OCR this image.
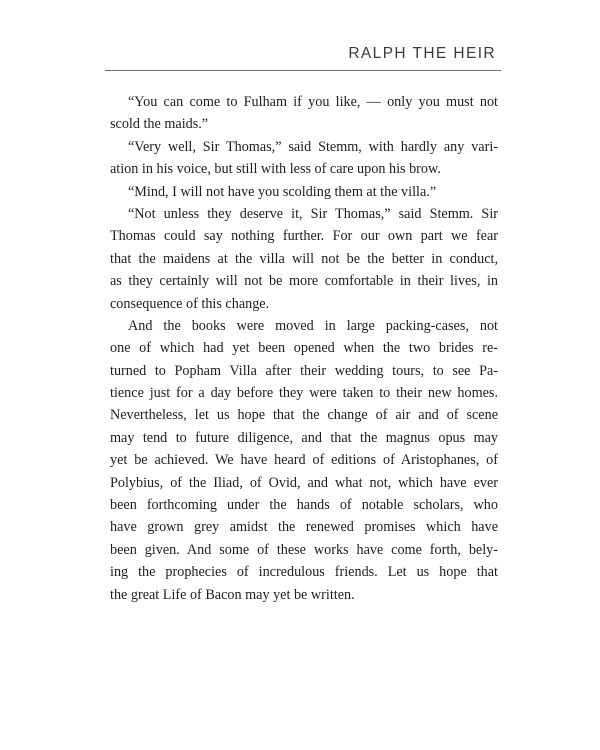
RALPH THE HEIR
“You can come to Fulham if you like, — only you must not
scold the maids.”
“Very well, Sir Thomas,” said Stemm, with hardly any vari-
ation in his voice, but still with less of care upon his brow.
“Mind, I will not have you scolding them at the villa.”
“Not unless they deserve it, Sir Thomas,” said Stemm. Sir
Thomas could say nothing further. For our own part we fear
that the maidens at the villa will not be the better in conduct,
as they certainly will not be more comfortable in their lives, in
consequence of this change.
And the books were moved in large packing-cases, not
one of which had yet been opened when the two brides re-
turned to Popham Villa after their wedding tours, to see Pa-
tience just for a day before they were taken to their new homes.
Nevertheless, let us hope that the change of air and of scene
may tend to future diligence, and that the magnus opus may
yet be achieved. We have heard of editions of Aristophanes, of
Polybius, of the Iliad, of Ovid, and what not, which have ever
been forthcoming under the hands of notable scholars, who
have grown grey amidst the renewed promises which have
been given. And some of these works have come forth, bely-
ing the prophecies of incredulous friends. Let us hope that
the great Life of Bacon may yet be written.
